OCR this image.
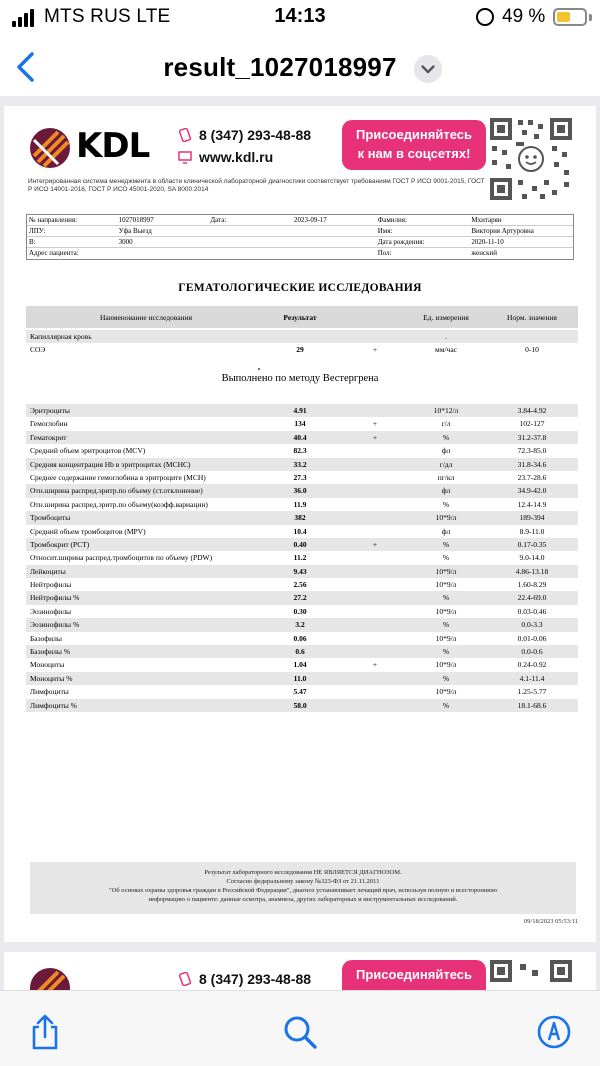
MTS RUS LTE	14:13	49 %
result_1027018997
KDL	8 (347) 293-48-88
www.kdl.ru
Присоединяйтесь
к нам в соцсетях!
Интегрированная система менеджмента в области клинической лабораторной диагностики соответствует требованиям ГОСТ Р ИСО 9001-2015, ГОСТ Р ИСО 14001-2016, ГОСТ Р ИСО 45001-2020, SA 8000:2014
№ направления:	1027018997	Дата:	2023-09-17	Фамилия:	Мхитарян
ЛПУ:	Уфа Выезд	Имя:	Виктория Артуровна
В:	3000	Дата рождения:	2020-11-10
Адрес пациента:	Пол:	женский
ГЕМАТОЛОГИЧЕСКИЕ ИССЛЕДОВАНИЯ
Наименование исследования	Результат	Ед. измерения	Норм. значения
Капиллярная кровь	.
СОЭ	29	+	мм/час	0-10
Выполнено по методу Вестергрена
Эритроциты	4.91	10*12/л	3.84-4.92
Гемоглобин	134	+	г/л	102-127
Гематокрит	40.4	+	%	31.2-37.8
Средний объем эритроцитов (MCV)	82.3	фл	72.3-85.0
Средняя концентрация Hb в эритроцитах (MCHC)	33.2	г/дл	31.8-34.6
Среднее содержание гемоглобина в эритроците (MCH)	27.3	пг/кл	23.7-28.6
Отн.ширина распред.эритр.по объему (ст.отклонение)	36.0	фл	34.9-42.0
Отн.ширина распред.эритр.по объему(коэфф.вариации)	11.9	%	12.4-14.9
Тромбоциты	382	10*9/л	189-394
Средний объем тромбоцитов (MPV)	10.4	фл	8.9-11.0
Тромбокрит (PCT)	0.40	+	%	0.17-0.35
Относит.ширина распред.тромбоцитов по объему (PDW)	11.2	%	9.0-14.0
Лейкоциты	9.43	10*9/л	4.86-13.18
Нейтрофилы	2.56	10*9/л	1.60-8.29
Нейтрофилы %	27.2	%	22.4-69.0
Эозинофилы	0.30	10*9/л	0.03-0.46
Эозинофилы %	3.2	%	0.0-3.3
Базофилы	0.06	10*9/л	0.01-0.06
Базофилы %	0.6	%	0.0-0.6
Моноциты	1.04	+	10*9/л	0.24-0.92
Моноциты %	11.0	%	4.1-11.4
Лимфоциты	5.47	10*9/л	1.25-5.77
Лимфоциты %	58.0	%	18.1-68.6
Результат лабораторного исследования НЕ ЯВЛЯЕТСЯ ДИАГНОЗОМ.
Согласно федеральному закону №323-ФЗ от 21.11.2011
"Об основах охраны здоровья граждан в Российской Федерации", диагноз устанавливает лечащий врач, используя полную и всестороннюю
информацию о пациенте: данные осмотра, анамнеза, других лабораторных и инструментальных исследований.
09/18/2023 05:53:11
8 (347) 293-48-88	Присоединяйтесь
